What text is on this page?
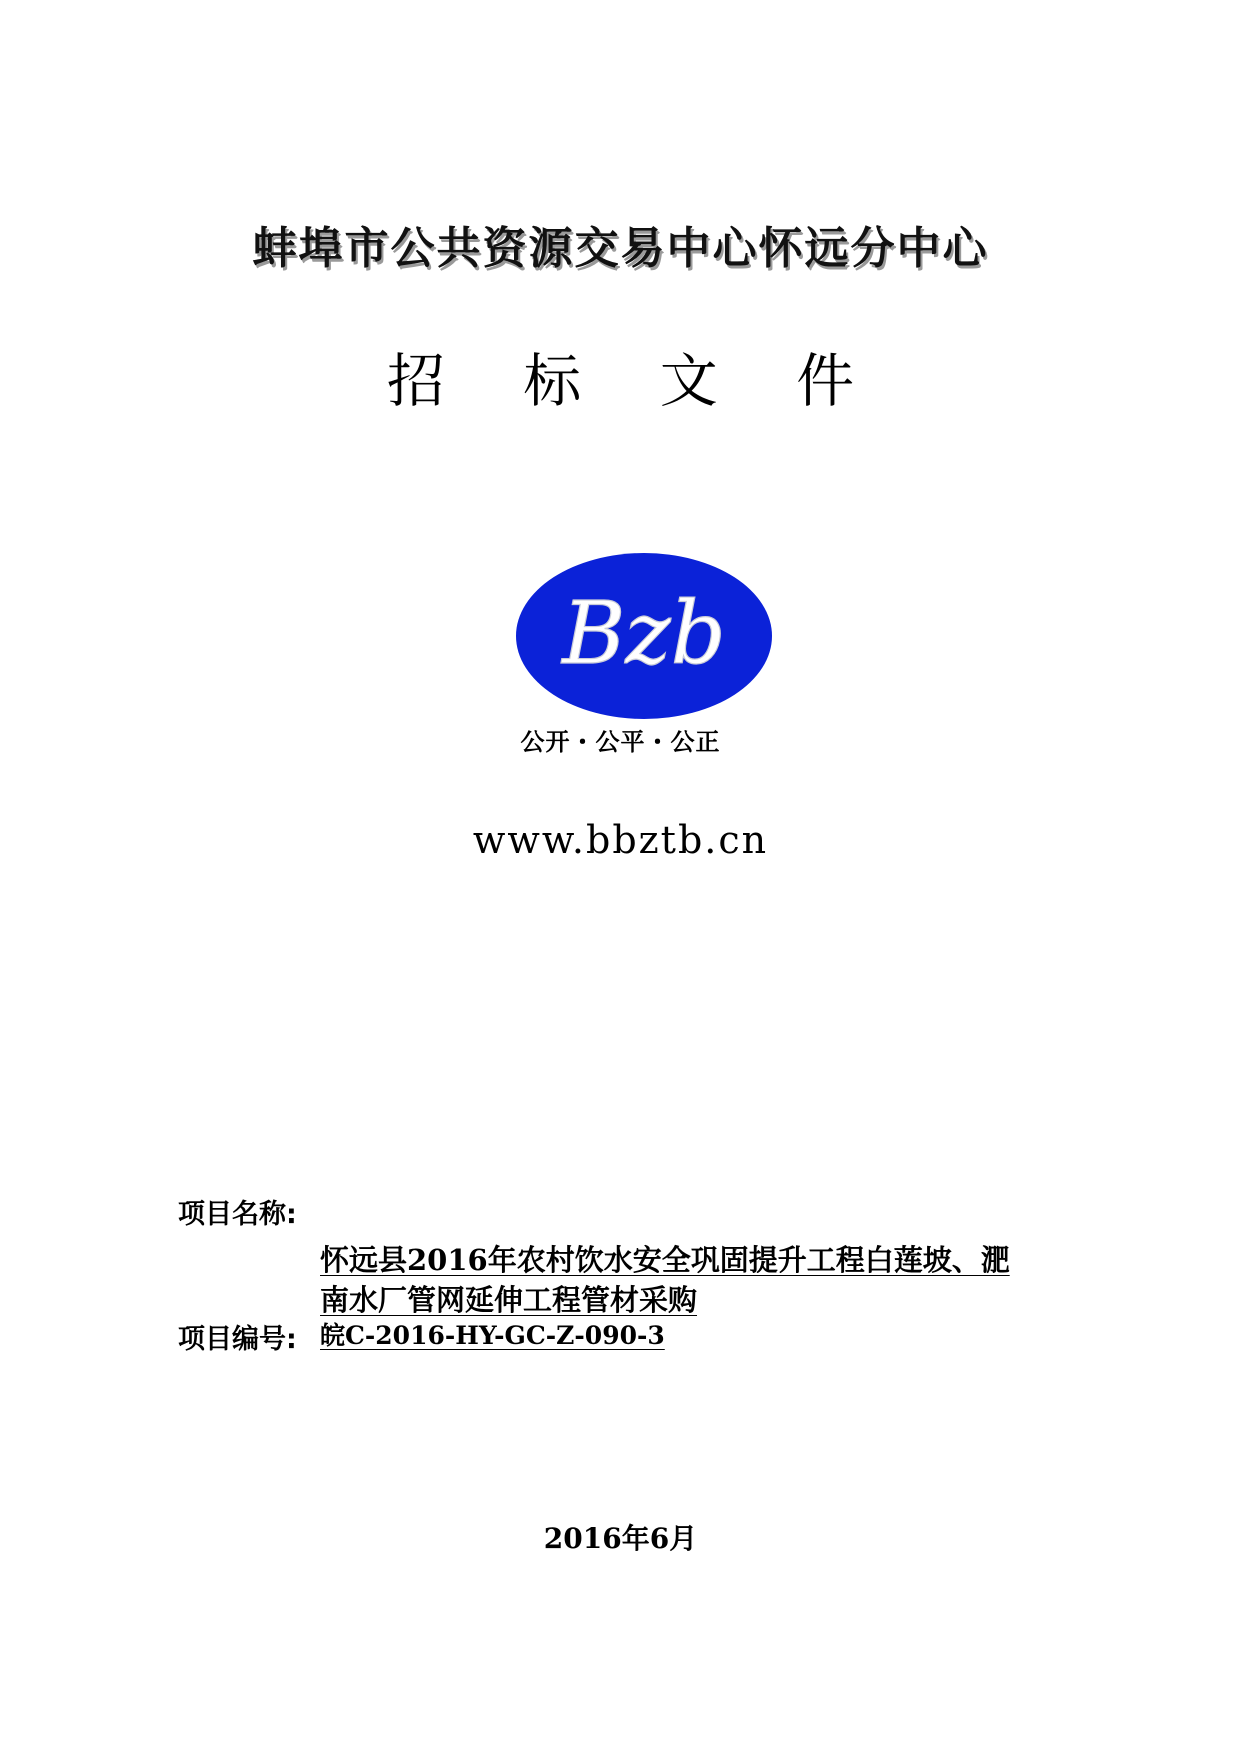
蚌埠市公共资源交易中心怀远分中心
招 标 文 件
Bzb
公开・公平・公正
www.bbztb.cn
项目名称:
怀远县2016年农村饮水安全巩固提升工程白莲坡、淝
南水厂管网延伸工程管材采购
项目编号: 皖C-2016-HY-GC-Z-090-3
2016年6月
